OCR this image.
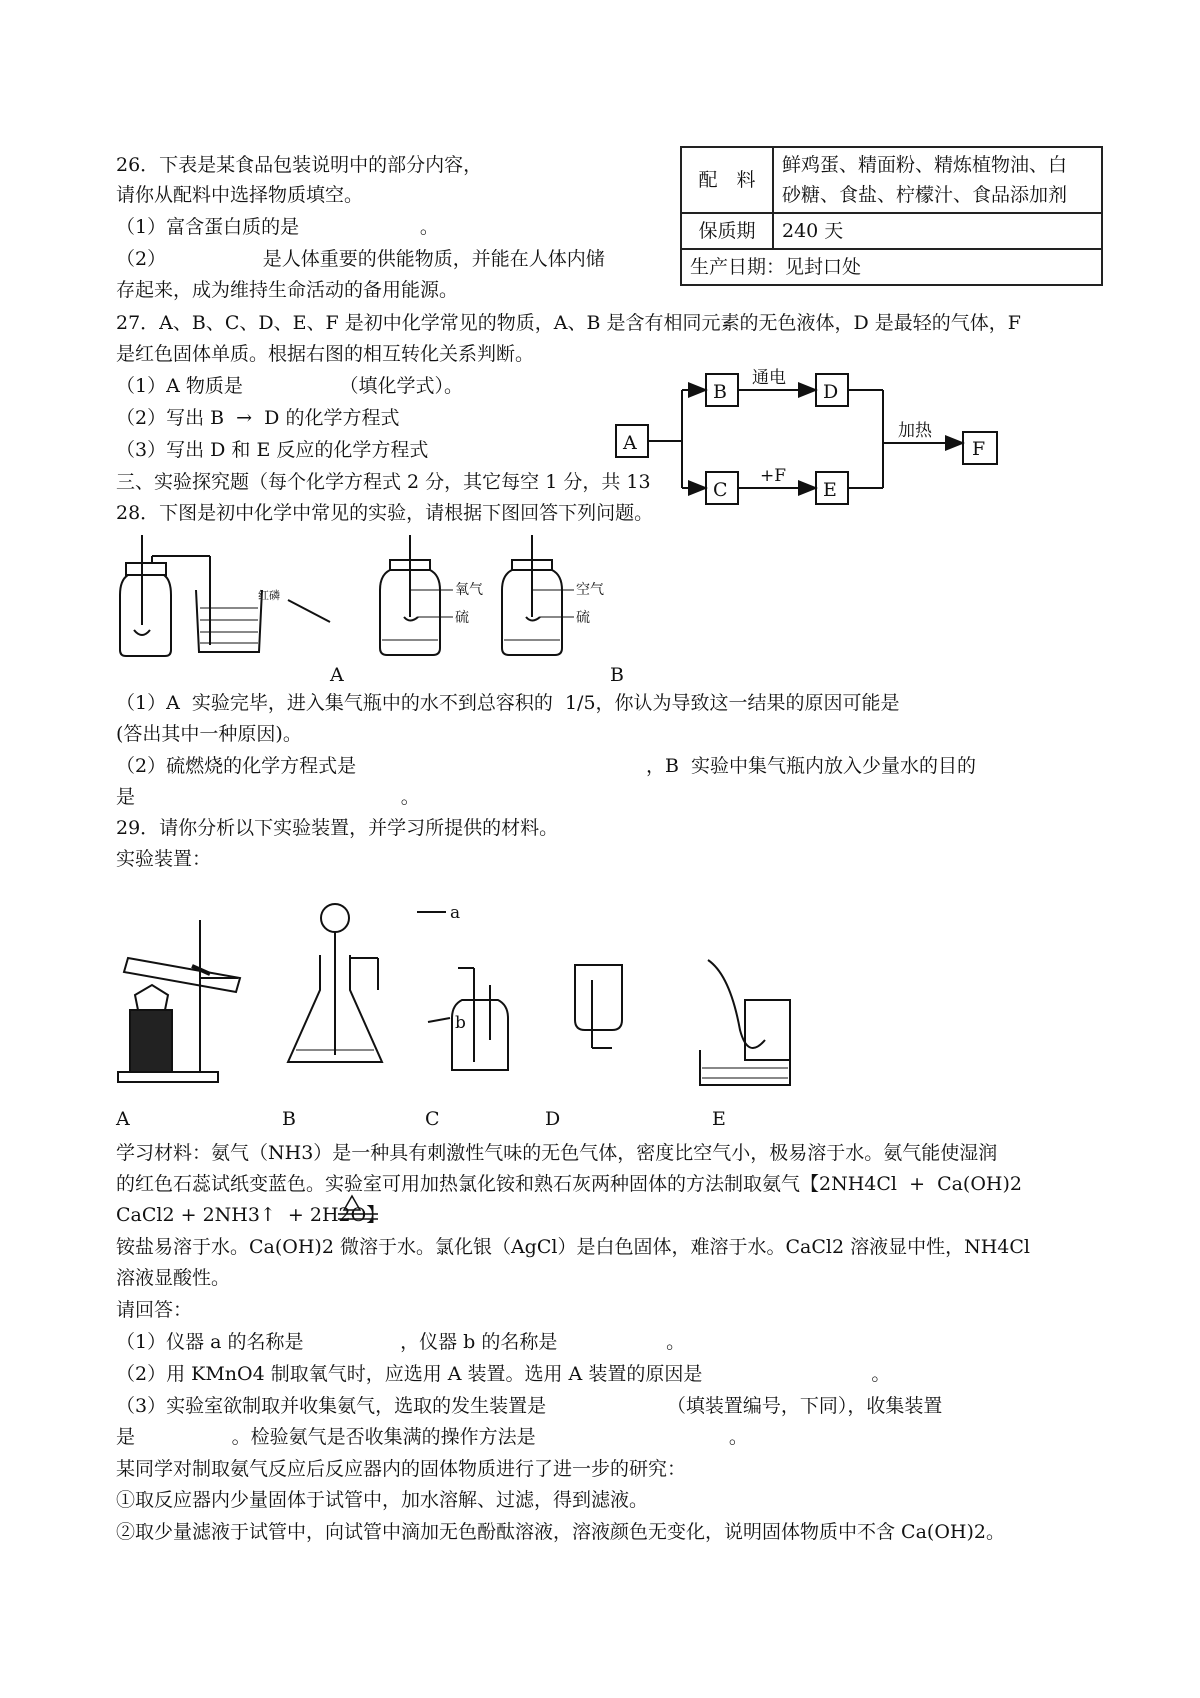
26．下表是某食品包装说明中的部分内容，
请你从配料中选择物质填空。
（1）富含蛋白质的是                    。
（2）                是人体重要的供能物质，并能在人体内储
存起来，成为维持生命活动的备用能源。
配　料	鲜鸡蛋、精面粉、精炼植物油、白
砂糖、食盐、柠檬汁、食品添加剂

保质期	240 天
生产日期：见封口处	
27．A、B、C、D、E、F 是初中化学常见的物质，A、B 是含有相同元素的无色液体，D 是最轻的气体，F
是红色固体单质。根据右图的相互转化关系判断。
（1）A 物质是                （填化学式）。
（2）写出 B  →  D 的化学方程式
（3）写出 D 和 E 反应的化学方程式	A
B	D
C	E
F
通电
+F
加热
三、实验探究题（每个化学方程式 2 分，其它每空 1 分，共 13
28．下图是初中化学中常见的实验，请根据下图回答下列问题。
红磷	氧气
硫
空气
硫
A	B
（1）A  实验完毕，进入集气瓶中的水不到总容积的  1/5，你认为导致这一结果的原因可能是
(答出其中一种原因)。
（2）硫燃烧的化学方程式是                                                ，B  实验中集气瓶内放入少量水的目的
是                                            。
29．请你分析以下实验装置，并学习所提供的材料。
实验装置：
a
b
A	B	C	D	E
学习材料：氨气（NH3）是一种具有刺激性气味的无色气体，密度比空气小，极易溶于水。氨气能使湿润
的红色石蕊试纸变蓝色。实验室可用加热氯化铵和熟石灰两种固体的方法制取氨气【2NH4Cl  +  Ca(OH)2
CaCl2 + 2NH3↑  + 2H2O】
铵盐易溶于水。Ca(OH)2 微溶于水。氯化银（AgCl）是白色固体，难溶于水。CaCl2 溶液显中性，NH4Cl
溶液显酸性。
请回答：
（1）仪器 a 的名称是                ，仪器 b 的名称是                  。
（2）用 KMnO4 制取氧气时，应选用 A 装置。选用 A 装置的原因是                            。
（3）实验室欲制取并收集氨气，选取的发生装置是                    （填装置编号，下同），收集装置
是                。检验氨气是否收集满的操作方法是                                。
某同学对制取氨气反应后反应器内的固体物质进行了进一步的研究：
①取反应器内少量固体于试管中，加水溶解、过滤，得到滤液。
②取少量滤液于试管中，向试管中滴加无色酚酞溶液，溶液颜色无变化，说明固体物质中不含 Ca(OH)2。
